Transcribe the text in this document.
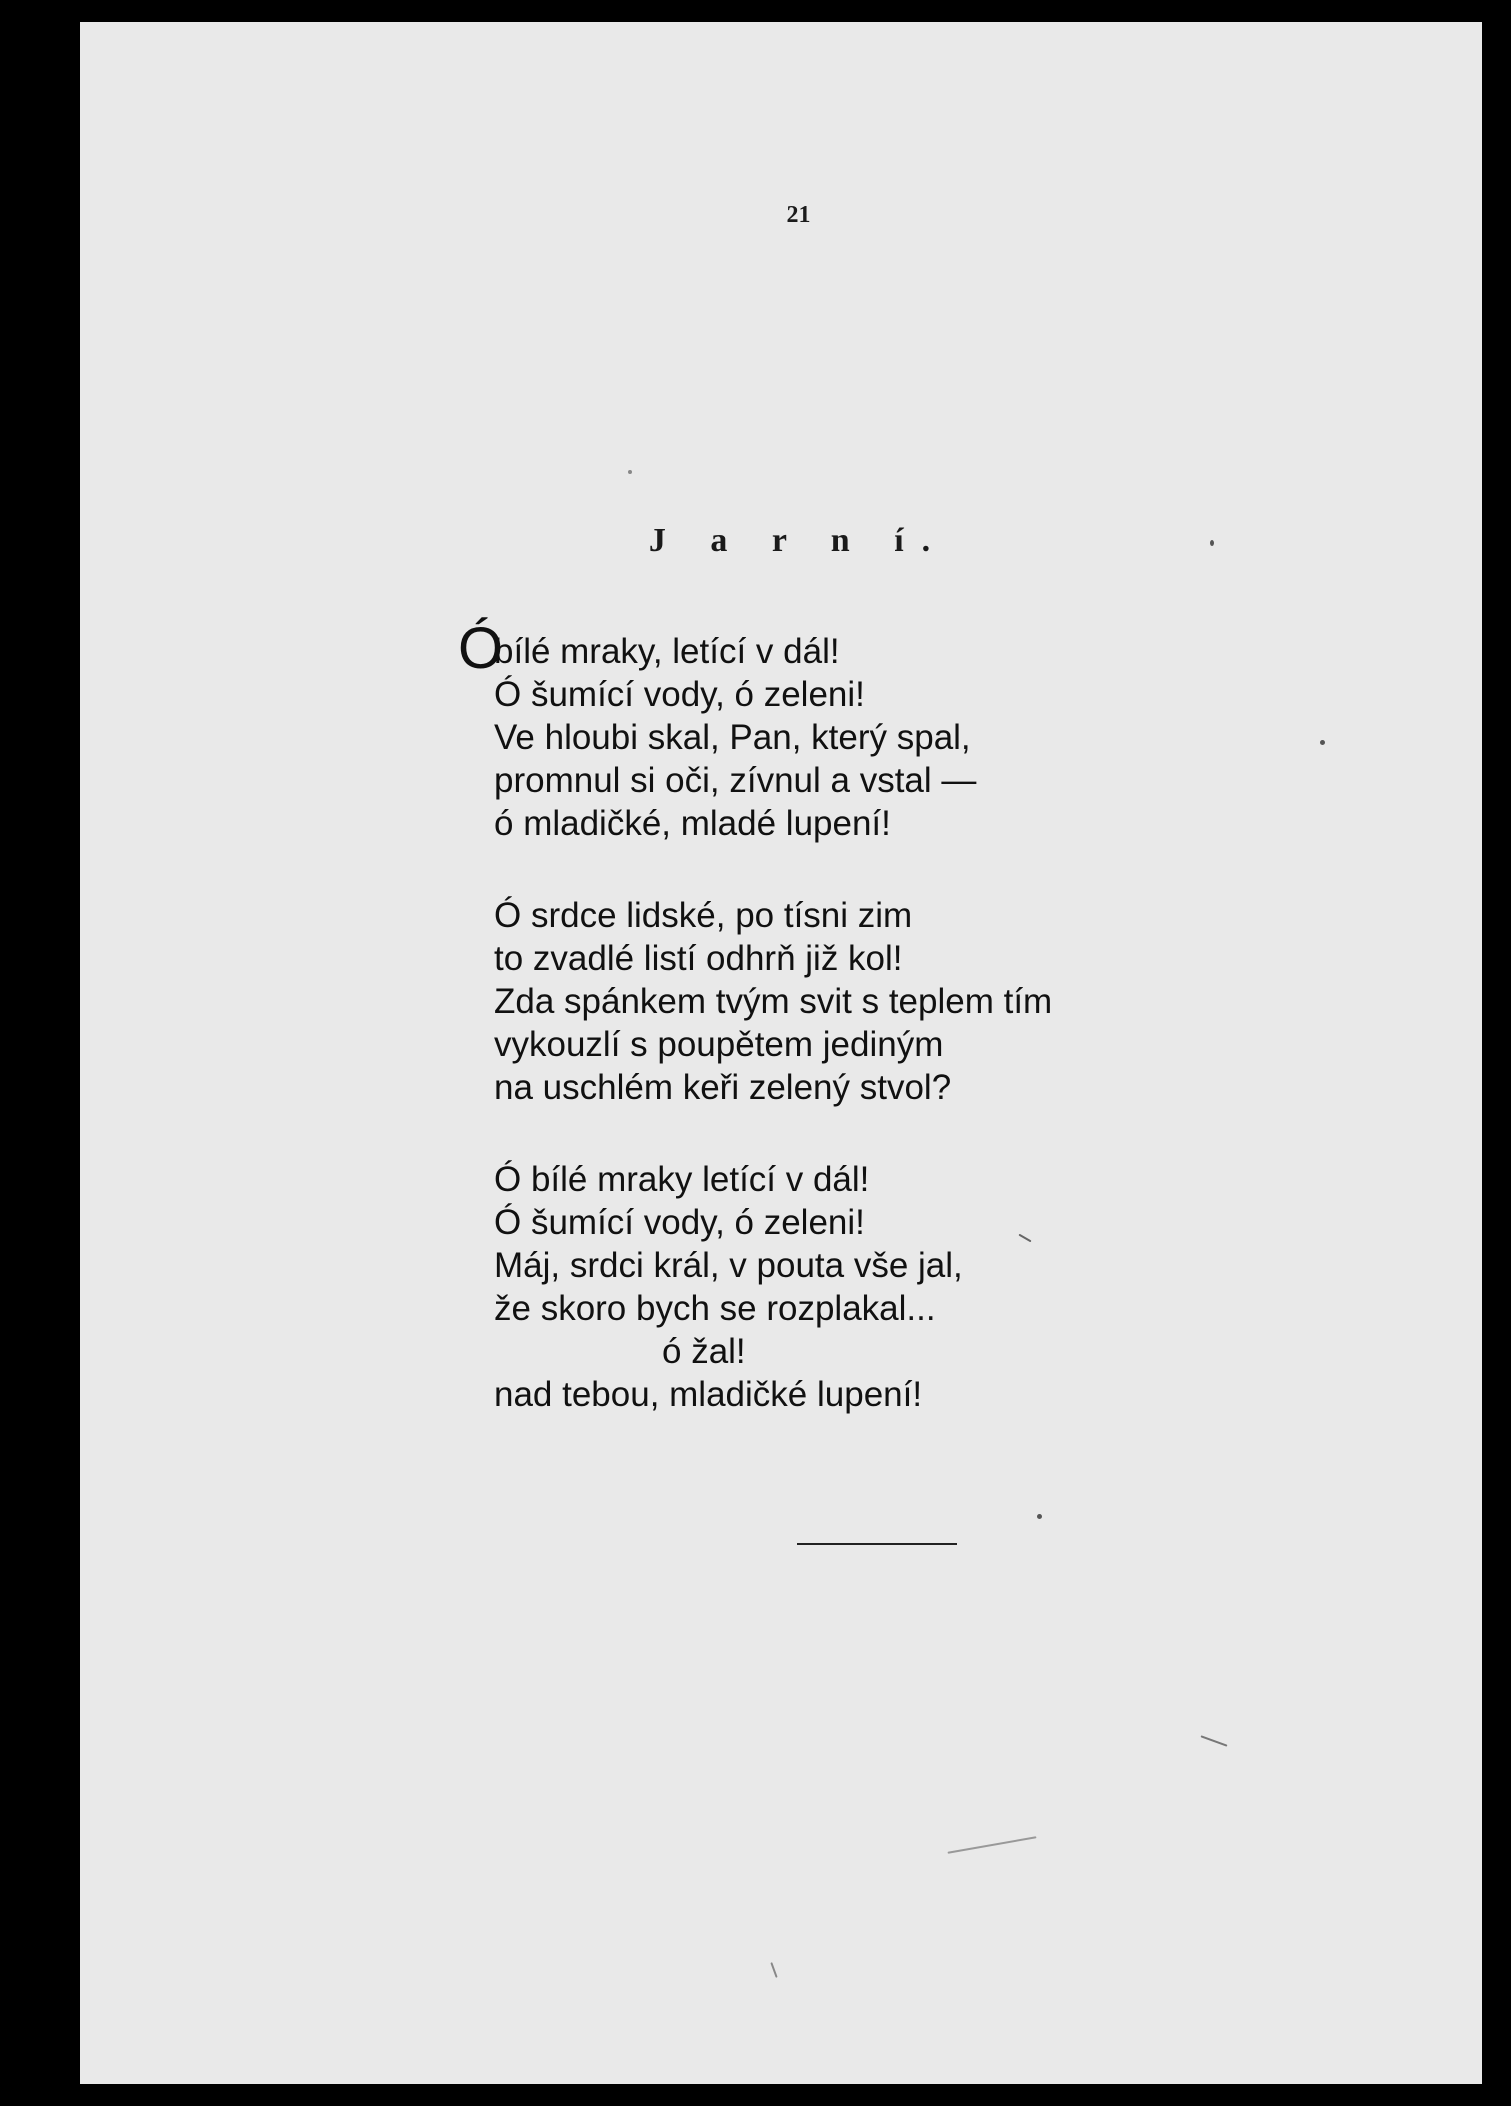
21
J a r n í.
Ó
bílé mraky, letící v dál!
Ó šumící vody, ó zeleni!
Ve hloubi skal, Pan, který spal,
promnul si oči, zívnul a vstal —
ó mladičké, mladé lupení!
Ó srdce lidské, po tísni zim
to zvadlé listí odhrň již kol!
Zda spánkem tvým svit s teplem tím
vykouzlí s poupětem jediným
na uschlém keři zelený stvol?
Ó bílé mraky letící v dál!
Ó šumící vody, ó zeleni!
Máj, srdci král, v pouta vše jal,
že skoro bych se rozplakal...
ó žal!
nad tebou, mladičké lupení!
